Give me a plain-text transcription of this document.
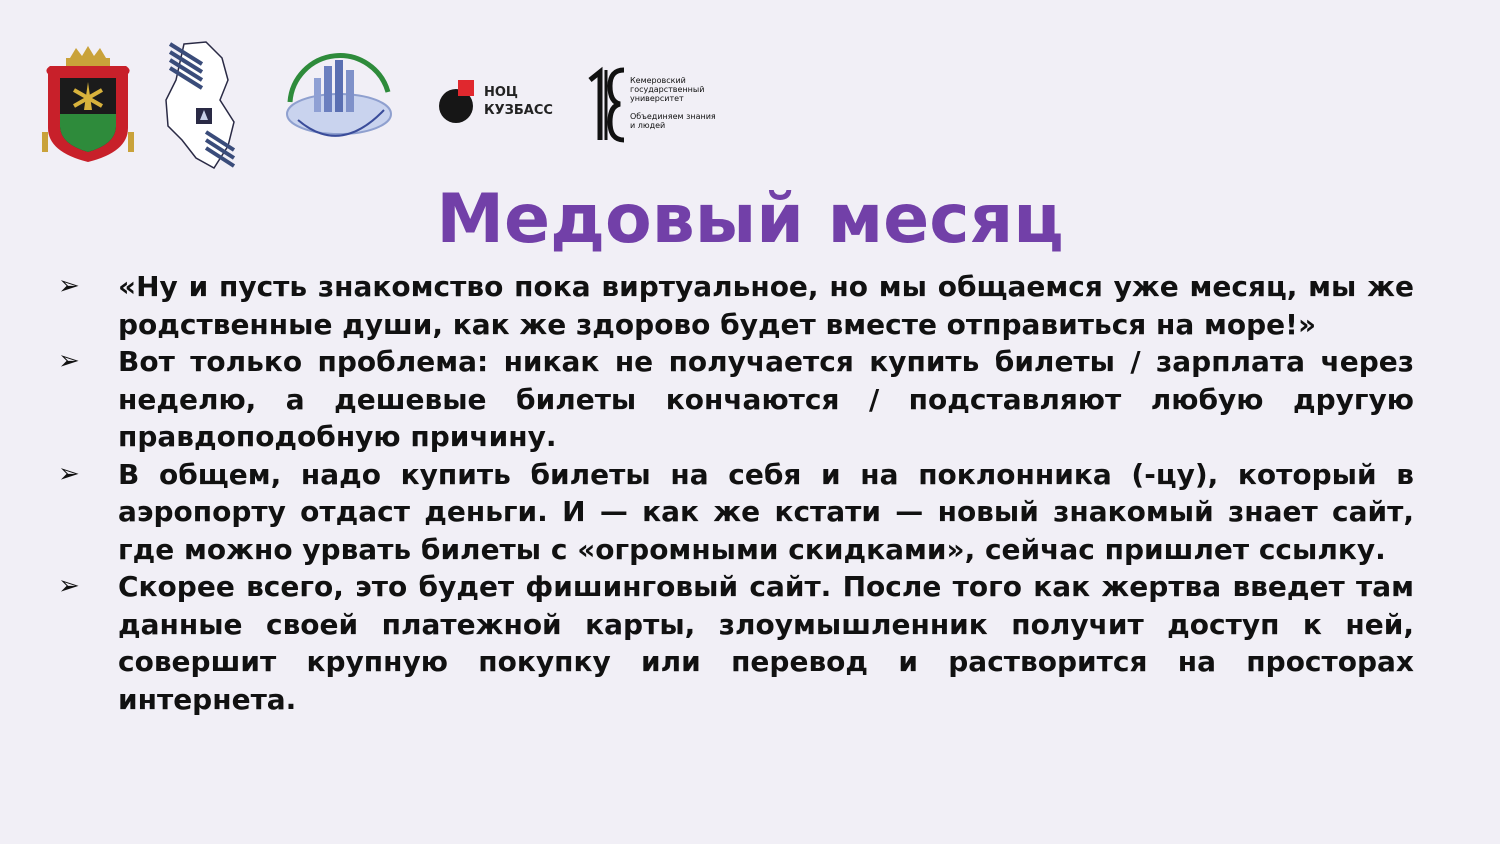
НОЦ
КУЗБАСС
Кемеровский государственный университет
Объединяем знания и людей
Медовый месяц
➢	«Ну и пусть знакомство пока виртуальное, но мы общаемся уже месяц, мы же родственные души, как же здорово будет вместе отправиться на море!»
➢	Вот только проблема: никак не получается купить билеты / зарплата через неделю, а дешевые билеты кончаются / подставляют любую другую правдоподобную причину.
➢	В общем, надо купить билеты на себя и на поклонника (-цу), который в аэропорту отдаст деньги. И — как же кстати — новый знакомый знает сайт, где можно урвать билеты с «огромными скидками», сейчас пришлет ссылку.
➢	Скорее всего, это будет фишинговый сайт. После того как жертва введет там данные своей платежной карты, злоумышленник получит доступ к ней, совершит крупную покупку или перевод и растворится на просторах интернета.
